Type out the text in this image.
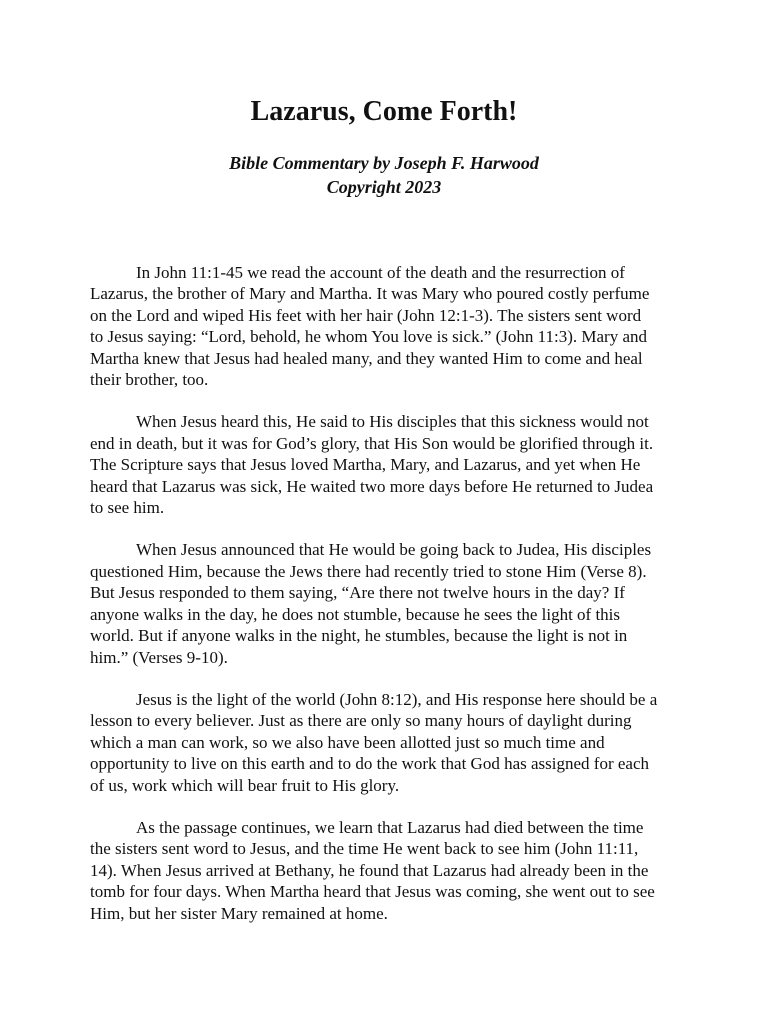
Lazarus, Come Forth!

Bible Commentary by Joseph F. Harwood

Copyright 2023

In John 11:1-45 we read the account of the death and the resurrection of
Lazarus, the brother of Mary and Martha. It was Mary who poured costly perfume
on the Lord and wiped His feet with her hair (John 12:1-3). The sisters sent word
to Jesus saying: “Lord, behold, he whom You love is sick.” (John 11:3). Mary and
Martha knew that Jesus had healed many, and they wanted Him to come and heal
their brother, too.

When Jesus heard this, He said to His disciples that this sickness would not
end in death, but it was for God’s glory, that His Son would be glorified through it.
The Scripture says that Jesus loved Martha, Mary, and Lazarus, and yet when He
heard that Lazarus was sick, He waited two more days before He returned to Judea
to see him.

When Jesus announced that He would be going back to Judea, His disciples
questioned Him, because the Jews there had recently tried to stone Him (Verse 8).
But Jesus responded to them saying, “Are there not twelve hours in the day? If
anyone walks in the day, he does not stumble, because he sees the light of this
world. But if anyone walks in the night, he stumbles, because the light is not in
him.” (Verses 9-10).

Jesus is the light of the world (John 8:12), and His response here should be a
lesson to every believer. Just as there are only so many hours of daylight during
which a man can work, so we also have been allotted just so much time and
opportunity to live on this earth and to do the work that God has assigned for each
of us, work which will bear fruit to His glory.

As the passage continues, we learn that Lazarus had died between the time
the sisters sent word to Jesus, and the time He went back to see him (John 11:11,
14). When Jesus arrived at Bethany, he found that Lazarus had already been in the
tomb for four days. When Martha heard that Jesus was coming, she went out to see
Him, but her sister Mary remained at home.
